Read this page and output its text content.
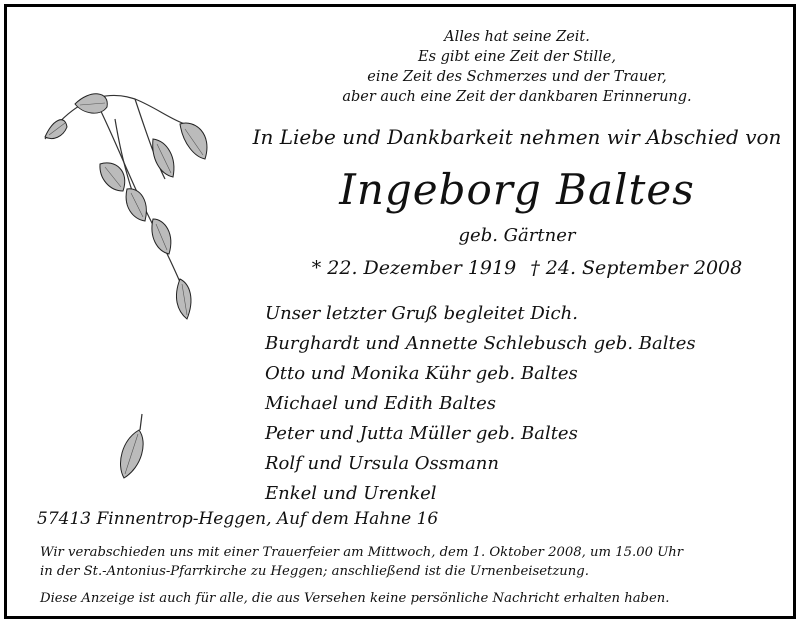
Alles hat seine Zeit.
Es gibt eine Zeit der Stille,
eine Zeit des Schmerzes und der Trauer,
aber auch eine Zeit der dankbaren Erinnerung.
In Liebe und Dankbarkeit nehmen wir Abschied von
Ingeborg Baltes
geb. Gärtner
* 22. Dezember 1919 † 24. September 2008
Unser letzter Gruß begleitet Dich.
Burghardt und Annette Schlebusch geb. Baltes
Otto und Monika Kühr geb. Baltes
Michael und Edith Baltes
Peter und Jutta Müller geb. Baltes
Rolf und Ursula Ossmann
Enkel und Urenkel
57413 Finnentrop-Heggen, Auf dem Hahne 16
Wir verabschieden uns mit einer Trauerfeier am Mittwoch, dem 1. Oktober 2008, um 15.00 Uhr
in der St.-Antonius-Pfarrkirche zu Heggen; anschließend ist die Urnenbeisetzung.
Diese Anzeige ist auch für alle, die aus Versehen keine persönliche Nachricht erhalten haben.
